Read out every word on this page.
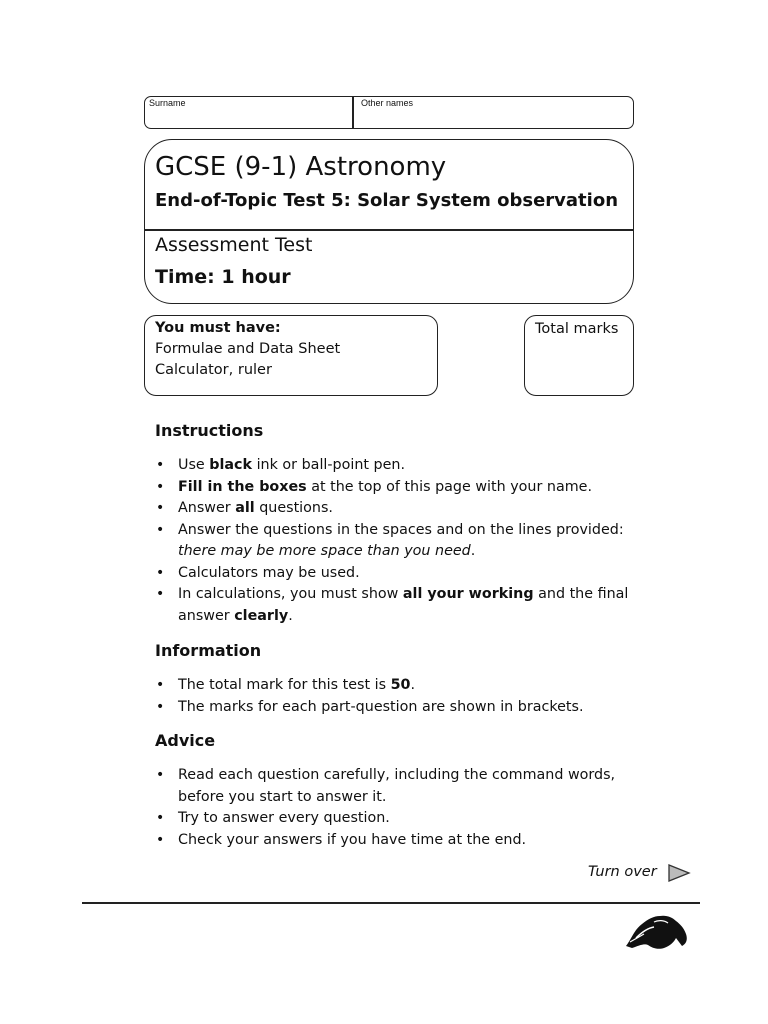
Surname	Other names
GCSE (9-1) Astronomy
End-of-Topic Test 5: Solar System observation
Assessment Test
Time: 1 hour
You must have:
Formulae and Data Sheet
Calculator, ruler
Total marks
Instructions
• Use black ink or ball-point pen.
• Fill in the boxes at the top of this page with your name.
• Answer all questions.
• Answer the questions in the spaces and on the lines provided: there may be more space than you need.
• Calculators may be used.
• In calculations, you must show all your working and the final answer clearly.
Information
• The total mark for this test is 50.
• The marks for each part-question are shown in brackets.
Advice
• Read each question carefully, including the command words, before you start to answer it.
• Try to answer every question.
• Check your answers if you have time at the end.
Turn over
